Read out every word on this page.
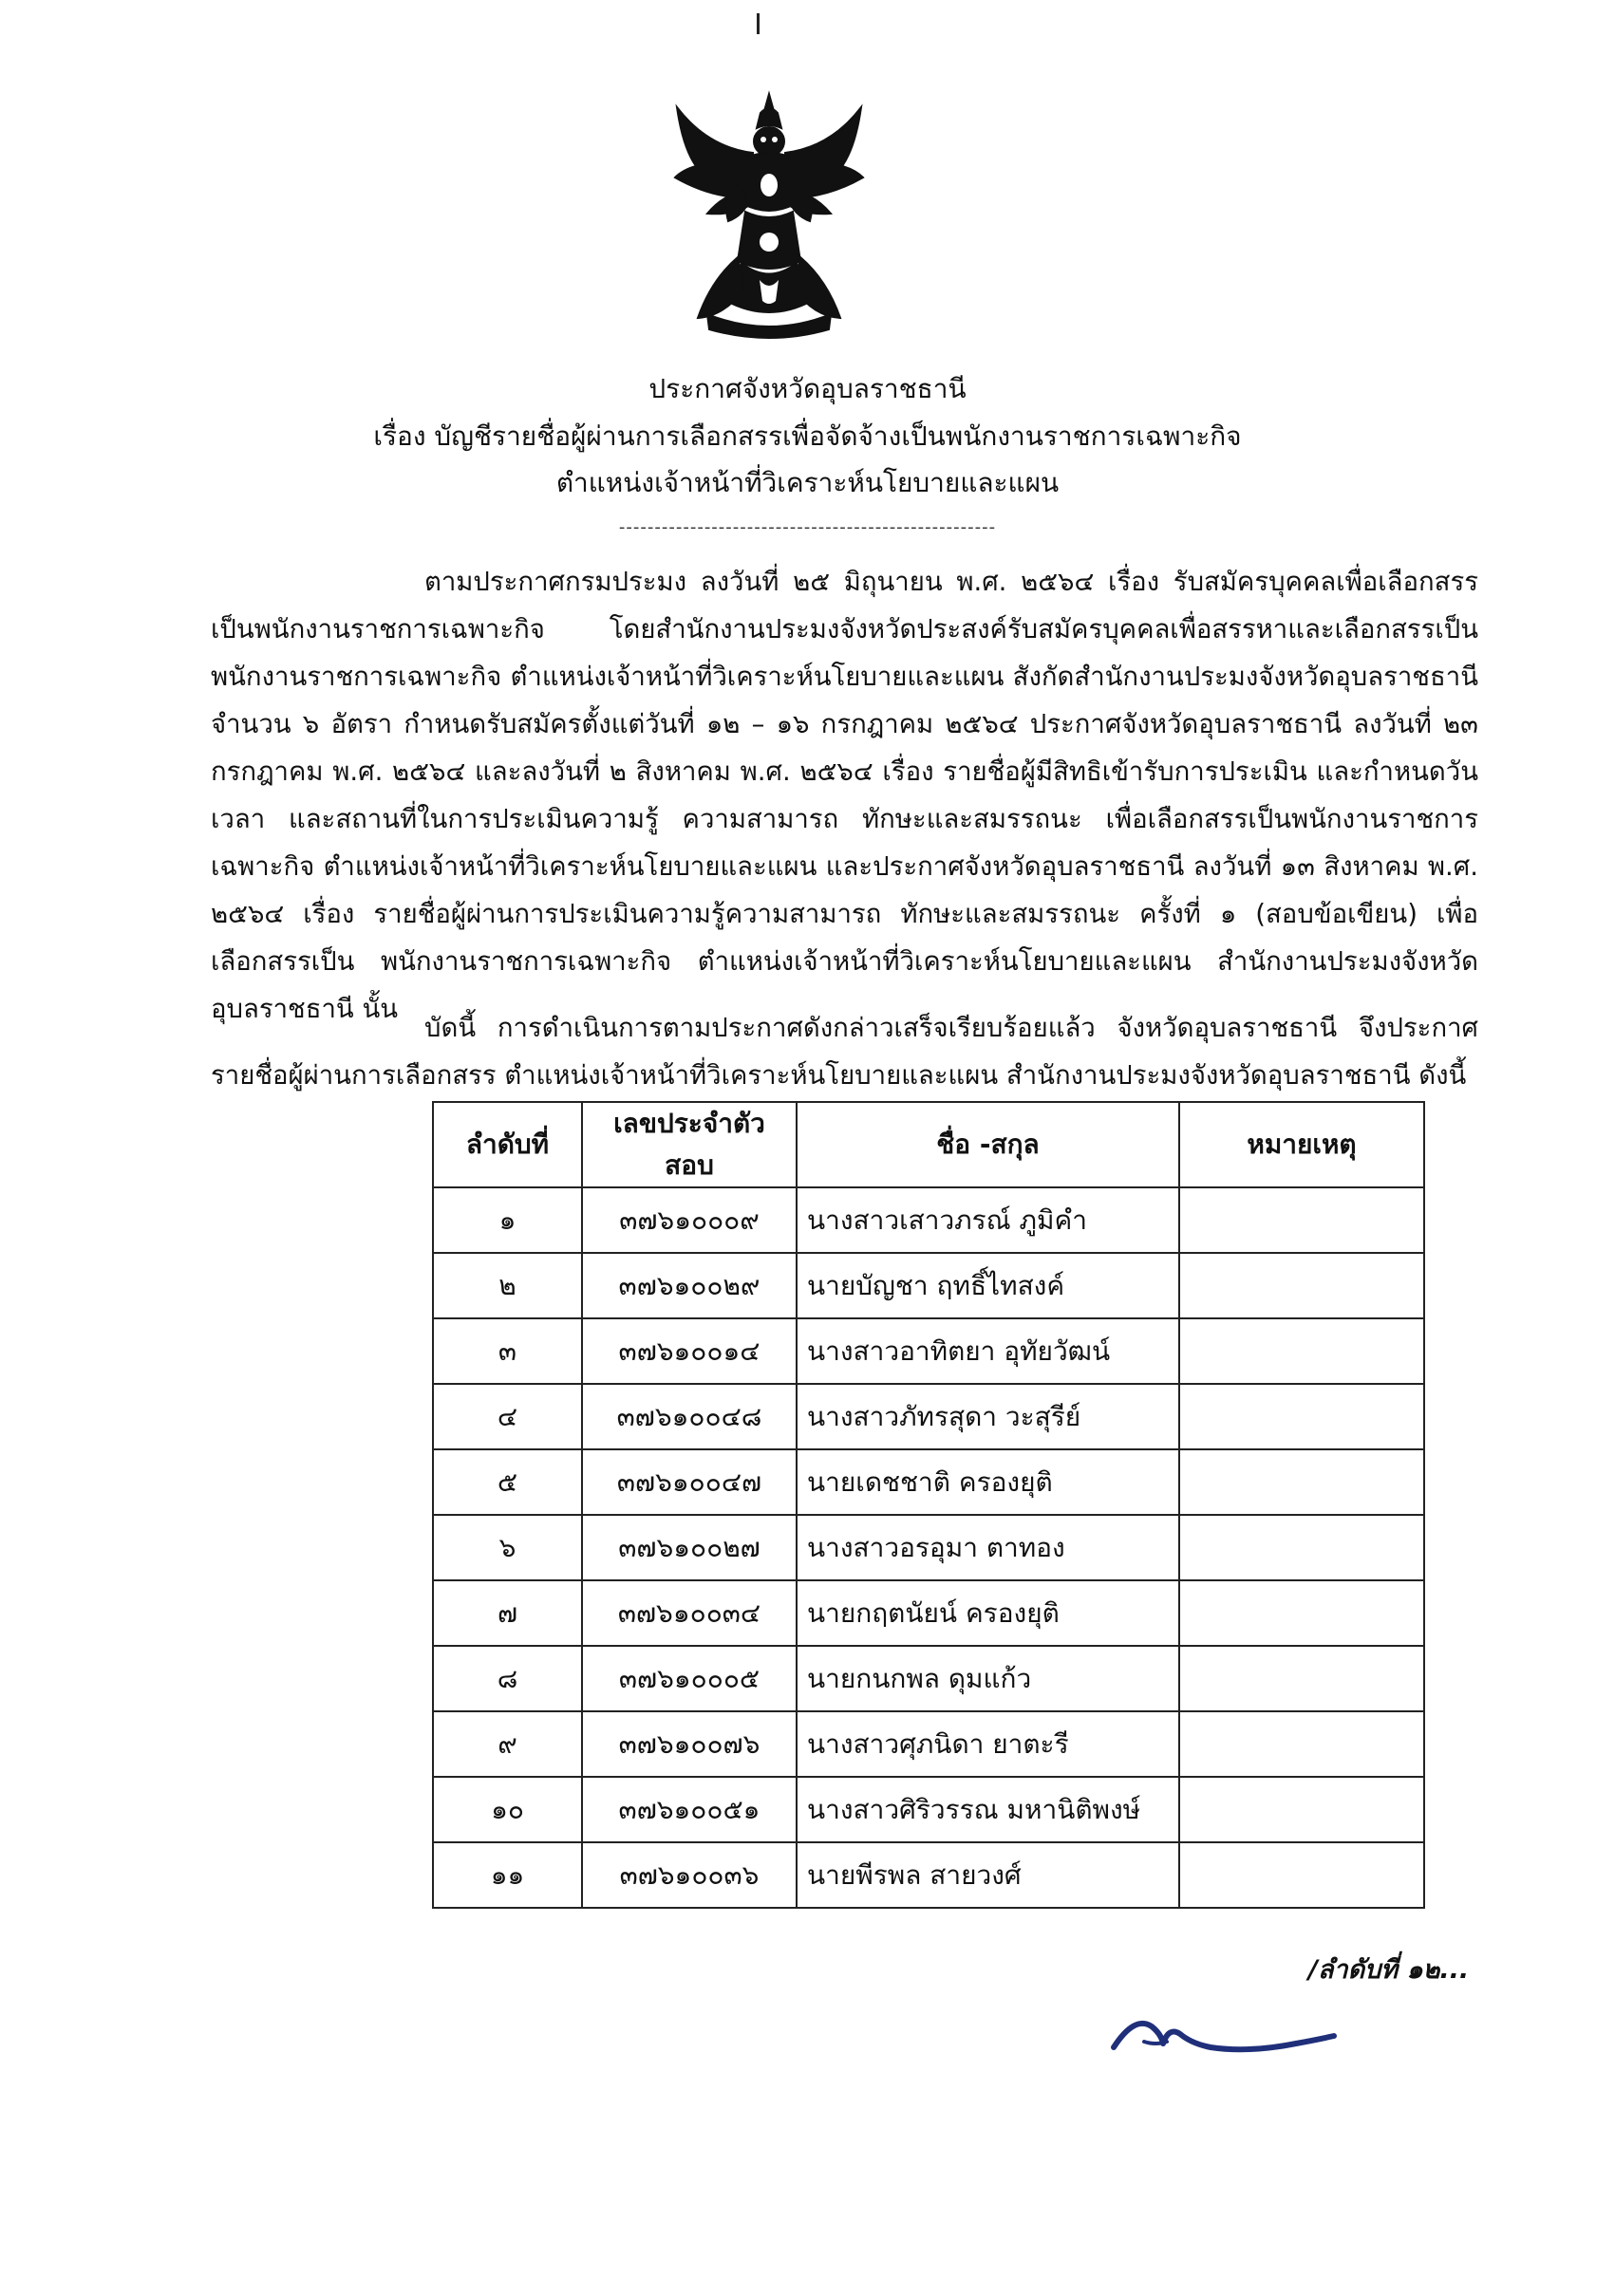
ประกาศจังหวัดอุบลราชธานี
เรื่อง บัญชีรายชื่อผู้ผ่านการเลือกสรรเพื่อจัดจ้างเป็นพนักงานราชการเฉพาะกิจ
ตำแหน่งเจ้าหน้าที่วิเคราะห์นโยบายและแผน
-----------------------------------------------------
ตามประกาศกรมประมง ลงวันที่ ๒๕ มิถุนายน พ.ศ. ๒๕๖๔ เรื่อง รับสมัครบุคคลเพื่อเลือกสรร เป็นพนักงานราชการเฉพาะกิจ โดยสำนักงานประมงจังหวัดประสงค์รับสมัครบุคคลเพื่อสรรหาและเลือกสรรเป็น พนักงานราชการเฉพาะกิจ ตำแหน่งเจ้าหน้าที่วิเคราะห์นโยบายและแผน สังกัดสำนักงานประมงจังหวัดอุบลราชธานี จำนวน ๖ อัตรา กำหนดรับสมัครตั้งแต่วันที่ ๑๒ – ๑๖ กรกฎาคม ๒๕๖๔ ประกาศจังหวัดอุบลราชธานี ลงวันที่ ๒๓ กรกฎาคม พ.ศ. ๒๕๖๔ และลงวันที่ ๒ สิงหาคม พ.ศ. ๒๕๖๔ เรื่อง รายชื่อผู้มีสิทธิเข้ารับการประเมิน และกำหนดวัน เวลา และสถานที่ในการประเมินความรู้ ความสามารถ ทักษะและสมรรถนะ เพื่อเลือกสรรเป็นพนักงานราชการเฉพาะกิจ ตำแหน่งเจ้าหน้าที่วิเคราะห์นโยบายและแผน และประกาศจังหวัดอุบลราชธานี ลงวันที่ ๑๓ สิงหาคม พ.ศ. ๒๕๖๔ เรื่อง รายชื่อผู้ผ่านการประเมินความรู้ความสามารถ ทักษะและสมรรถนะ ครั้งที่ ๑ (สอบข้อเขียน) เพื่อเลือกสรรเป็น พนักงานราชการเฉพาะกิจ ตำแหน่งเจ้าหน้าที่วิเคราะห์นโยบายและแผน สำนักงานประมงจังหวัดอุบลราชธานี นั้น
บัดนี้ การดำเนินการตามประกาศดังกล่าวเสร็จเรียบร้อยแล้ว จังหวัดอุบลราชธานี จึงประกาศ รายชื่อผู้ผ่านการเลือกสรร ตำแหน่งเจ้าหน้าที่วิเคราะห์นโยบายและแผน สำนักงานประมงจังหวัดอุบลราชธานี ดังนี้
ลำดับที่	เลขประจำตัวสอบ	ชื่อ -สกุล	หมายเหตุ
๑	๓๗๖๑๐๐๐๙	นางสาวเสาวภรณ์ ภูมิคำ	
๒	๓๗๖๑๐๐๒๙	นายบัญชา ฤทธิ์ไทสงค์	
๓	๓๗๖๑๐๐๑๔	นางสาวอาทิตยา อุทัยวัฒน์	
๔	๓๗๖๑๐๐๔๘	นางสาวภัทรสุดา วะสุรีย์	
๕	๓๗๖๑๐๐๔๗	นายเดชชาติ ครองยุติ	
๖	๓๗๖๑๐๐๒๗	นางสาวอรอุมา ตาทอง	
๗	๓๗๖๑๐๐๓๔	นายกฤตนัยน์ ครองยุติ	
๘	๓๗๖๑๐๐๐๕	นายกนกพล ดุมแก้ว	
๙	๓๗๖๑๐๐๗๖	นางสาวศุภนิดา ยาตะรี	
๑๐	๓๗๖๑๐๐๕๑	นางสาวศิริวรรณ มหานิติพงษ์	
๑๑	๓๗๖๑๐๐๓๖	นายพีรพล สายวงศ์	
/ลำดับที่ ๑๒...
